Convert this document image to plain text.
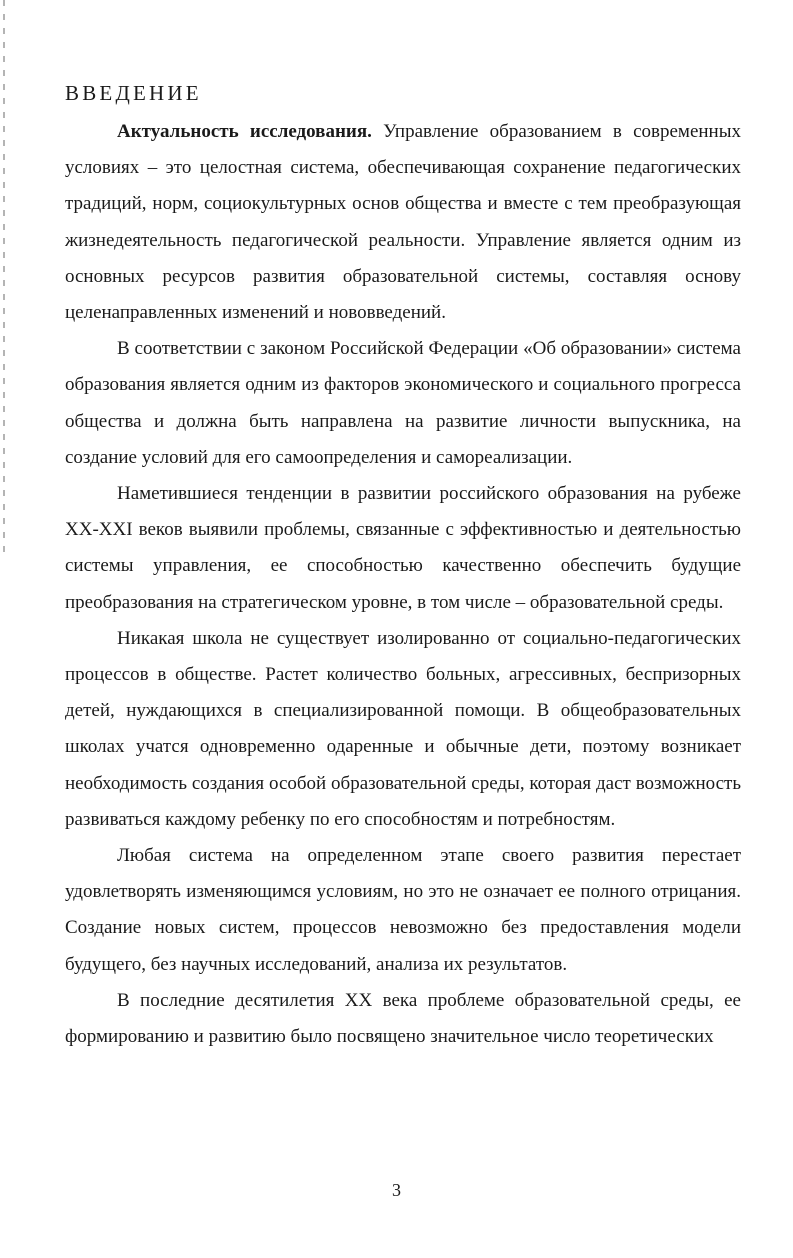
ВВЕДЕНИЕ

Актуальность исследования. Управление образованием в современных условиях – это целостная система, обеспечивающая сохранение педагогических традиций, норм, социокультурных основ общества и вместе с тем преобразующая жизнедеятельность педагогической реальности. Управление является одним из основных ресурсов развития образовательной системы, составляя основу целенаправленных изменений и нововведений.

В соответствии с законом Российской Федерации «Об образовании» система образования является одним из факторов экономического и социального прогресса общества и должна быть направлена на развитие личности выпускника, на создание условий для его самоопределения и самореализации.

Наметившиеся тенденции в развитии российского образования на рубеже XX-XXI веков выявили проблемы, связанные с эффективностью и деятельностью системы управления, ее способностью качественно обеспечить будущие преобразования на стратегическом уровне, в том числе – образовательной среды.

Никакая школа не существует изолированно от социально-педагогических процессов в обществе. Растет количество больных, агрессивных, беспризорных детей, нуждающихся в специализированной помощи. В общеобразовательных школах учатся одновременно одаренные и обычные дети, поэтому возникает необходимость создания особой образовательной среды, которая даст возможность развиваться каждому ребенку по его способностям и потребностям.

Любая система на определенном этапе своего развития перестает удовлетворять изменяющимся условиям, но это не означает ее полного отрицания. Создание новых систем, процессов невозможно без предоставления модели будущего, без научных исследований, анализа их результатов.

В последние десятилетия XX века проблеме образовательной среды, ее формированию и развитию было посвящено значительное число теоретических

3
